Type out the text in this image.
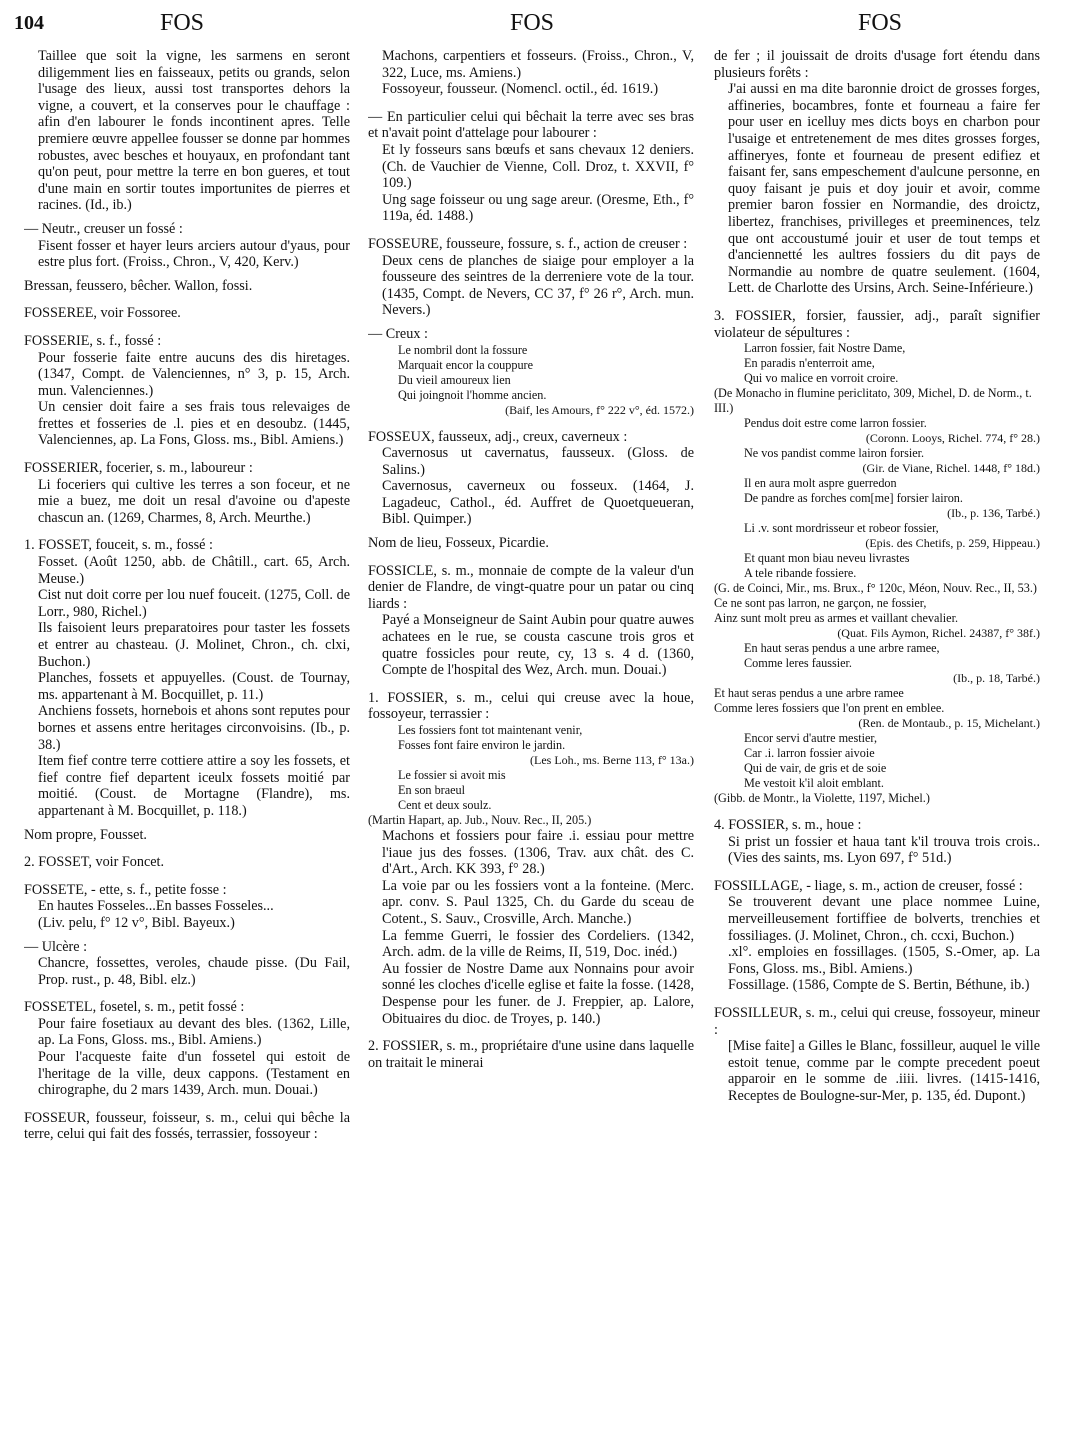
104	FOS	FOS	FOS

Taillee que soit la vigne, les sarmens en seront diligemment lies en faisseaux, petits ou grands, selon l'usage des lieux, aussi tost transportes dehors la vigne, a couvert, et la conserves pour le chauffage : afin d'en labourer le fonds incontinent apres. Telle premiere œuvre appellee fousser se donne par hommes robustes, avec besches et houyaux, en profondant tant qu'on peut, pour mettre la terre en bon gueres, et tout d'une main en sortir toutes importunites de pierres et racines. (Id., ib.)

— Neutr., creuser un fossé :

Fisent fosser et hayer leurs arciers autour d'yaus, pour estre plus fort. (Froiss., Chron., V, 420, Kerv.)

Bressan, feussero, bêcher. Wallon, fossi.

FOSSEREE, voir Fossoree.

FOSSERIE, s. f., fossé :

Pour fosserie faite entre aucuns des dis hiretages. (1347, Compt. de Valenciennes, n° 3, p. 15, Arch. mun. Valenciennes.)

Un censier doit faire a ses frais tous relevaiges de frettes et fosseries de .l. pies et en desoubz. (1445, Valenciennes, ap. La Fons, Gloss. ms., Bibl. Amiens.)

FOSSERIER, focerier, s. m., laboureur :

Li foceriers qui cultive les terres a son foceur, et ne mie a buez, me doit un resal d'avoine ou d'apeste chascun an. (1269, Charmes, 8, Arch. Meurthe.)

1. FOSSET, fouceit, s. m., fossé :

Fosset. (Août 1250, abb. de Châtill., cart. 65, Arch. Meuse.)

Cist nut doit corre per lou nuef fouceit. (1275, Coll. de Lorr., 980, Richel.)

Ils faisoient leurs preparatoires pour taster les fossets et entrer au chasteau. (J. Molinet, Chron., ch. clxi, Buchon.)

Planches, fossets et appuyelles. (Coust. de Tournay, ms. appartenant à M. Bocquillet, p. 11.)

Anchiens fossets, hornebois et ahons sont reputes pour bornes et assens entre heritages circonvoisins. (Ib., p. 38.)

Item fief contre terre cottiere attire a soy les fossets, et fief contre fief departent iceulx fossets moitié par moitié. (Coust. de Mortagne (Flandre), ms. appartenant à M. Bocquillet, p. 118.)

Nom propre, Fousset.

2. FOSSET, voir Foncet.

FOSSETE, - ette, s. f., petite fosse :

En hautes Fosseles...En basses Fosseles...

(Liv. pelu, f° 12 v°, Bibl. Bayeux.)

— Ulcère :

Chancre, fossettes, veroles, chaude pisse. (Du Fail, Prop. rust., p. 48, Bibl. elz.)

FOSSETEL, fosetel, s. m., petit fossé :

Pour faire fosetiaux au devant des bles. (1362, Lille, ap. La Fons, Gloss. ms., Bibl. Amiens.)

Pour l'acqueste faite d'un fossetel qui estoit de l'heritage de la ville, deux cappons. (Testament en chirographe, du 2 mars 1439, Arch. mun. Douai.)

FOSSEUR, fousseur, foisseur, s. m., celui qui bêche la terre, celui qui fait des fossés, terrassier, fossoyeur :

Machons, carpentiers et fosseurs. (Froiss., Chron., V, 322, Luce, ms. Amiens.)

Fossoyeur, fousseur. (Nomencl. octil., éd. 1619.)

— En particulier celui qui bêchait la terre avec ses bras et n'avait point d'attelage pour labourer :

Et ly fosseurs sans bœufs et sans chevaux 12 deniers. (Ch. de Vauchier de Vienne, Coll. Droz, t. XXVII, f° 109.)

Ung sage foisseur ou ung sage areur. (Oresme, Eth., f° 119a, éd. 1488.)

FOSSEURE, fousseure, fossure, s. f., action de creuser :

Deux cens de planches de siaige pour employer a la fousseure des seintres de la derreniere vote de la tour. (1435, Compt. de Nevers, CC 37, f° 26 r°, Arch. mun. Nevers.)

— Creux :

Le nombril dont la fossure

Marquait encor la couppure

Du vieil amoureux lien

Qui joingnoit l'homme ancien.

(Baif, les Amours, f° 222 v°, éd. 1572.)

FOSSEUX, fausseux, adj., creux, caverneux :

Cavernosus ut cavernatus, fausseux. (Gloss. de Salins.)

Cavernosus, caverneux ou fosseux. (1464, J. Lagadeuc, Cathol., éd. Auffret de Quoetqueueran, Bibl. Quimper.)

Nom de lieu, Fosseux, Picardie.

FOSSICLE, s. m., monnaie de compte de la valeur d'un denier de Flandre, de vingt-quatre pour un patar ou cinq liards :

Payé a Monseigneur de Saint Aubin pour quatre auwes achatees en le rue, se cousta cascune trois gros et quatre fossicles pour reute, cy, 13 s. 4 d. (1360, Compte de l'hospital des Wez, Arch. mun. Douai.)

1. FOSSIER, s. m., celui qui creuse avec la houe, fossoyeur, terrassier :

Les fossiers font tot maintenant venir,

Fosses font faire environ le jardin.

(Les Loh., ms. Berne 113, f° 13a.)

Le fossier si avoit mis

En son braeul

Cent et deux soulz.

(Martin Hapart, ap. Jub., Nouv. Rec., II, 205.)

Machons et fossiers pour faire .i. essiau pour mettre l'iaue jus des fosses. (1306, Trav. aux chât. des C. d'Art., Arch. KK 393, f° 28.)

La voie par ou les fossiers vont a la fonteine. (Merc. apr. conv. S. Paul 1325, Ch. du Garde du sceau de Cotent., S. Sauv., Crosville, Arch. Manche.)

La femme Guerri, le fossier des Cordeliers. (1342, Arch. adm. de la ville de Reims, II, 519, Doc. inéd.)

Au fossier de Nostre Dame aux Nonnains pour avoir sonné les cloches d'icelle eglise et faite la fosse. (1428, Despense pour les funer. de J. Freppier, ap. Lalore, Obituaires du dioc. de Troyes, p. 140.)

2. FOSSIER, s. m., propriétaire d'une usine dans laquelle on traitait le minerai

de fer ; il jouissait de droits d'usage fort étendu dans plusieurs forêts :

J'ai aussi en ma dite baronnie droict de grosses forges, affineries, bocambres, fonte et fourneau a faire fer pour user en icelluy mes dicts boys en charbon pour l'usaige et entretenement de mes dites grosses forges, affineryes, fonte et fourneau de present edifiez et faisant fer, sans empeschement d'aulcune personne, en quoy faisant je puis et doy jouir et avoir, comme premier baron fossier en Normandie, des droictz, libertez, franchises, privilleges et preeminences, telz que ont accoustumé jouir et user de tout temps et d'anciennetté les aultres fossiers du dit pays de Normandie au nombre de quatre seulement. (1604, Lett. de Charlotte des Ursins, Arch. Seine-Inférieure.)

3. FOSSIER, forsier, faussier, adj., paraît signifier violateur de sépultures :

Larron fossier, fait Nostre Dame,

En paradis n'enterroit ame,

Qui vo malice en vorroit croire.

(De Monacho in flumine periclitato, 309, Michel, D. de Norm., t. III.)

Pendus doit estre come larron fossier.

(Coronn. Looys, Richel. 774, f° 28.)

Ne vos pandist comme lairon forsier.

(Gir. de Viane, Richel. 1448, f° 18d.)

Il en aura molt aspre guerredon

De pandre as forches com[me] forsier lairon.

(Ib., p. 136, Tarbé.)

Li .v. sont mordrisseur et robeor fossier,

(Epis. des Chetifs, p. 259, Hippeau.)

Et quant mon biau neveu livrastes

A tele ribande fossiere.

(G. de Coinci, Mir., ms. Brux., f° 120c, Méon, Nouv. Rec., II, 53.)

Ce ne sont pas larron, ne garçon, ne fossier,

Ainz sunt molt preu as armes et vaillant chevalier.

(Quat. Fils Aymon, Richel. 24387, f° 38f.)

En haut seras pendus a une arbre ramee,

Comme leres faussier.

(Ib., p. 18, Tarbé.)

Et haut seras pendus a une arbre ramee

Comme leres fossiers que l'on prent en emblee.

(Ren. de Montaub., p. 15, Michelant.)

Encor servi d'autre mestier,

Car .i. larron fossier aivoie

Qui de vair, de gris et de soie

Me vestoit k'il aloit emblant.

(Gibb. de Montr., la Violette, 1197, Michel.)

4. FOSSIER, s. m., houe :

Si prist un fossier et haua tant k'il trouva trois crois.. (Vies des saints, ms. Lyon 697, f° 51d.)

FOSSILLAGE, - liage, s. m., action de creuser, fossé :

Se trouverent devant une place nommee Luine, merveilleusement fortiffiee de bolverts, trenchies et fossiliages. (J. Molinet, Chron., ch. ccxi, Buchon.)

.xl°. emploies en fossillages. (1505, S.-Omer, ap. La Fons, Gloss. ms., Bibl. Amiens.)

Fossillage. (1586, Compte de S. Bertin, Béthune, ib.)

FOSSILLEUR, s. m., celui qui creuse, fossoyeur, mineur :

[Mise faite] a Gilles le Blanc, fossilleur, auquel le ville estoit tenue, comme par le compte precedent poeut apparoir en le somme de .iiii. livres. (1415-1416, Receptes de Boulogne-sur-Mer, p. 135, éd. Dupont.)
